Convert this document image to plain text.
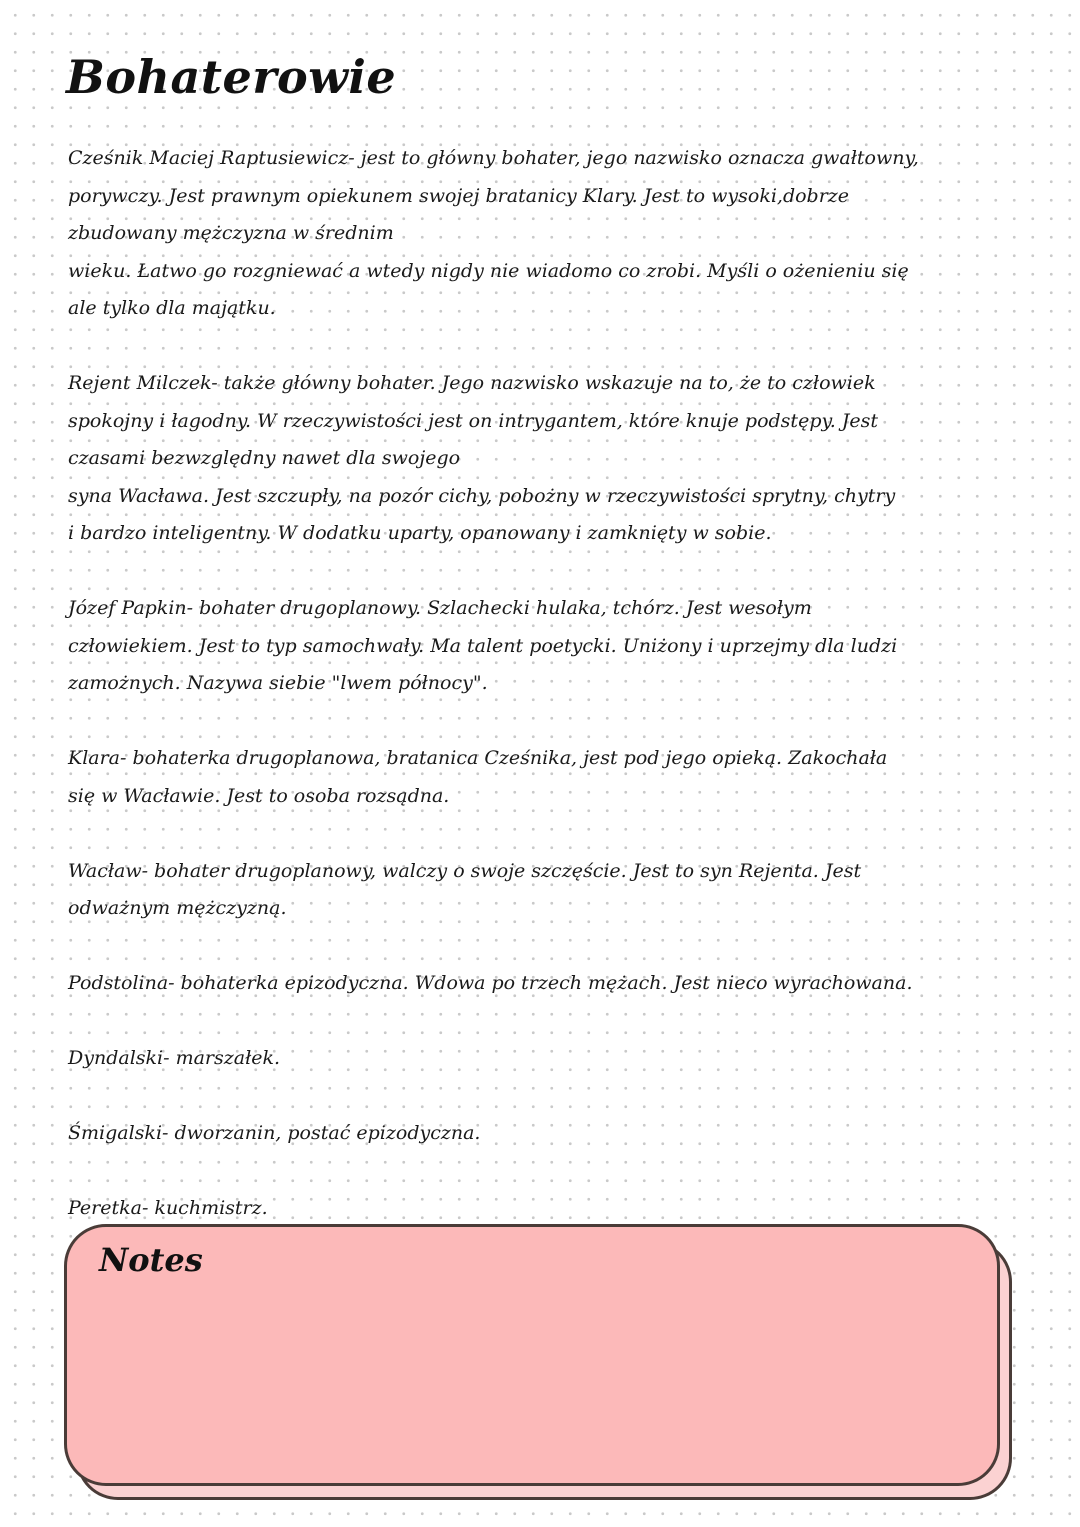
Bohaterowie

Cześnik Maciej Raptusiewicz- jest to główny bohater, jego nazwisko oznacza gwałtowny,
porywczy. Jest prawnym opiekunem swojej bratanicy Klary. Jest to wysoki,dobrze
zbudowany mężczyzna w średnim
wieku. Łatwo go rozgniewać a wtedy nigdy nie wiadomo co zrobi. Myśli o ożenieniu się
ale tylko dla majątku.

Rejent Milczek- także główny bohater. Jego nazwisko wskazuje na to, że to człowiek
spokojny i łagodny. W rzeczywistości jest on intrygantem, które knuje podstępy. Jest
czasami bezwzględny nawet dla swojego
syna Wacława. Jest szczupły, na pozór cichy, pobożny w rzeczywistości sprytny, chytry
i bardzo inteligentny. W dodatku uparty, opanowany i zamknięty w sobie.

Józef Papkin- bohater drugoplanowy. Szlachecki hulaka, tchórz. Jest wesołym
człowiekiem. Jest to typ samochwały. Ma talent poetycki. Uniżony i uprzejmy dla ludzi
zamożnych. Nazywa siebie "lwem północy".

Klara- bohaterka drugoplanowa, bratanica Cześnika, jest pod jego opieką. Zakochała
się w Wacławie. Jest to osoba rozsądna.

Wacław- bohater drugoplanowy, walczy o swoje szczęście. Jest to syn Rejenta. Jest
odważnym mężczyzną.

Podstolina- bohaterka epizodyczna. Wdowa po trzech mężach. Jest nieco wyrachowana.

Dyndalski- marszałek.

Śmigalski- dworzanin, postać epizodyczna.

Peretka- kuchmistrz.

Notes
